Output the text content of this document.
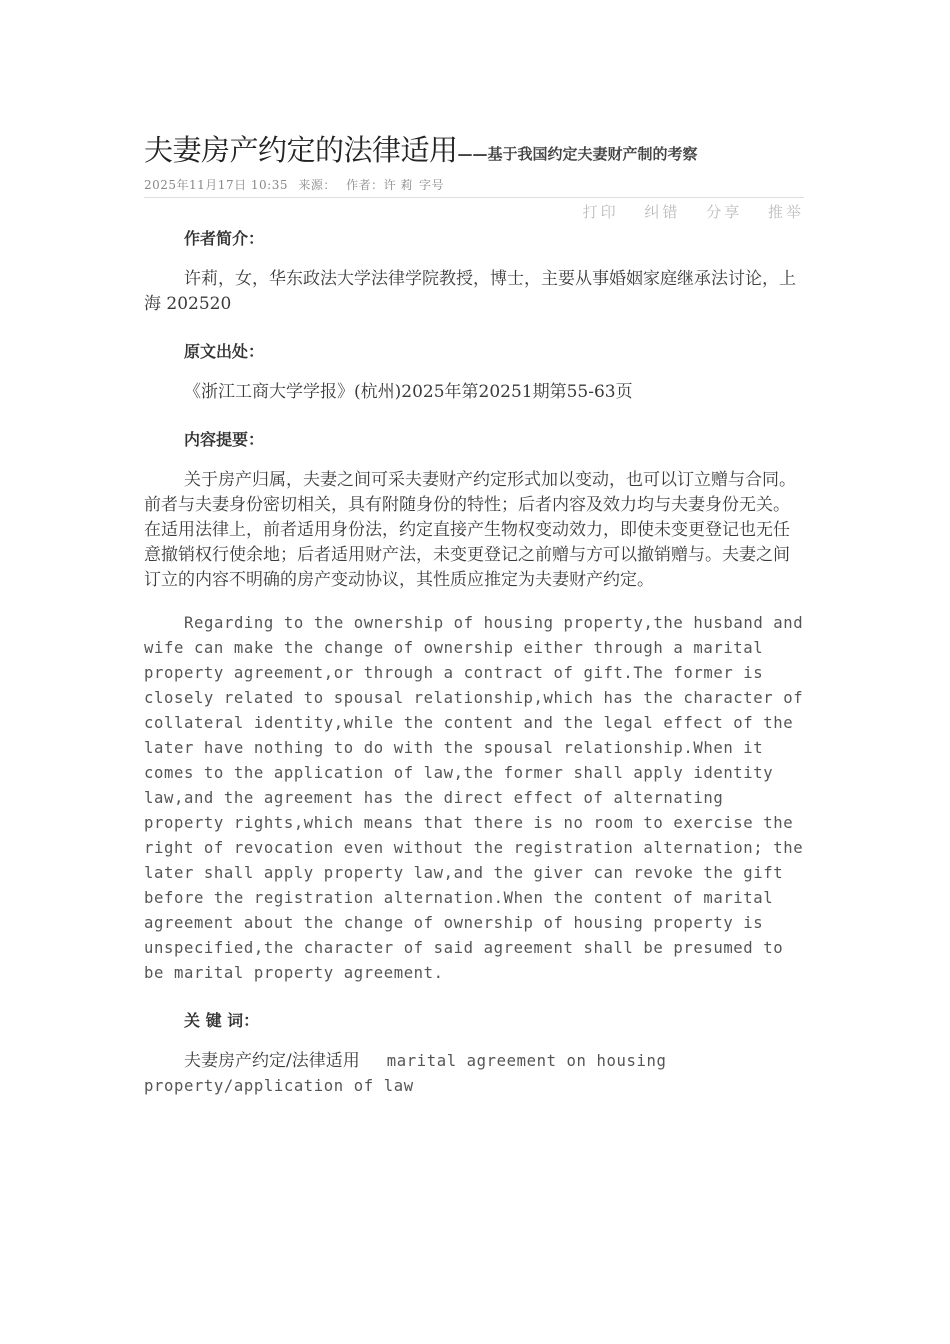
夫妻房产约定的法律适用 ——基于我国约定夫妻财产制的考察
2025年11月17日 10:35 来源： 作者：许 莉 字号
打印 纠错 分享 推举
作者简介：
许莉，女，华东政法大学法律学院教授，博士，主要从事婚姻家庭继承法讨论，上海 202520
原文出处：
《浙江工商大学学报》(杭州)2025年第20251期第55-63页
内容提要：
关于房产归属，夫妻之间可采夫妻财产约定形式加以变动，也可以订立赠与合同。前者与夫妻身份密切相关，具有附随身份的特性；后者内容及效力均与夫妻身份无关。在适用法律上，前者适用身份法，约定直接产生物权变动效力，即使未变更登记也无任意撤销权行使余地；后者适用财产法，未变更登记之前赠与方可以撤销赠与。夫妻之间订立的内容不明确的房产变动协议，其性质应推定为夫妻财产约定。
Regarding to the ownership of housing property,the husband and wife can make the change of ownership either through a marital property agreement,or through a contract of gift.The former is closely related to spousal relationship,which has the character of collateral identity,while the content and the legal effect of the later have nothing to do with the spousal relationship.When it comes to the application of law,the former shall apply identity law,and the agreement has the direct effect of alternating property rights,which means that there is no room to exercise the right of revocation even without the registration alternation; the later shall apply property law,and the giver can revoke the gift before the registration alternation.When the content of marital agreement about the change of ownership of housing property is unspecified,the character of said agreement shall be presumed to be marital property agreement.
关 键 词：
夫妻房产约定/法律适用 marital agreement on housing property/application of law
